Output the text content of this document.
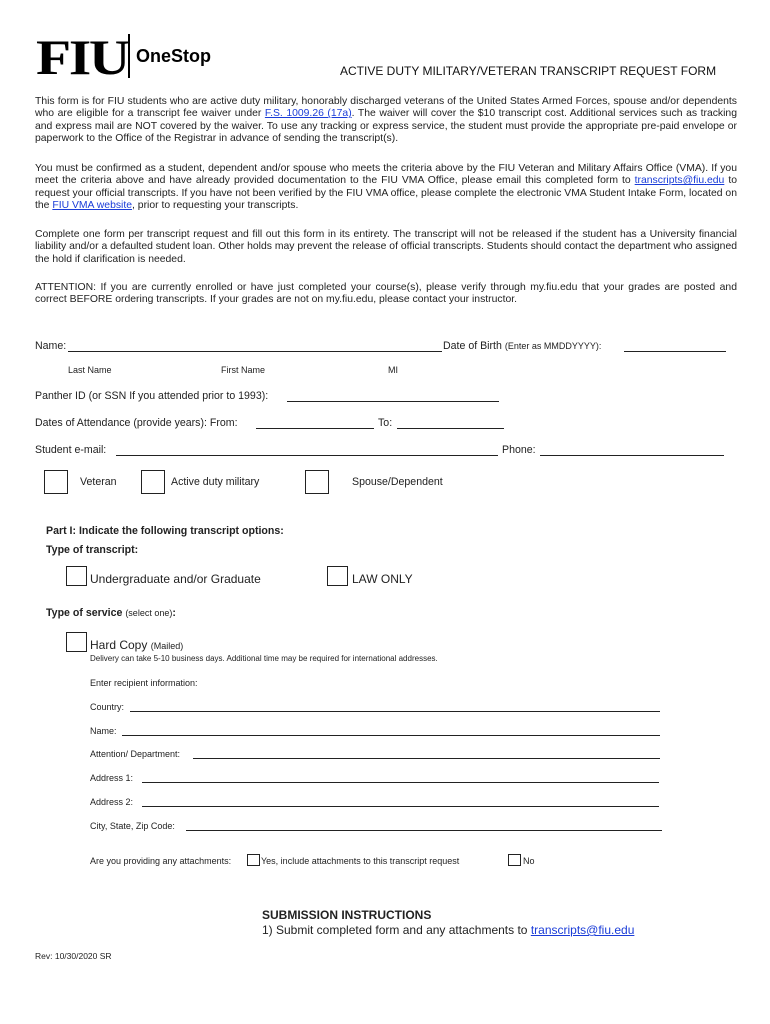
FIU OneStop
ACTIVE DUTY MILITARY/VETERAN TRANSCRIPT REQUEST FORM
This form is for FIU students who are active duty military, honorably discharged veterans of the United States Armed Forces, spouse and/or dependents who are eligible for a transcript fee waiver under F.S. 1009.26 (17a). The waiver will cover the $10 transcript cost. Additional services such as tracking and express mail are NOT covered by the waiver. To use any tracking or express service, the student must provide the appropriate pre-paid envelope or paperwork to the Office of the Registrar in advance of sending the transcript(s).
You must be confirmed as a student, dependent and/or spouse who meets the criteria above by the FIU Veteran and Military Affairs Office (VMA). If you meet the criteria above and have already provided documentation to the FIU VMA Office, please email this completed form to transcripts@fiu.edu to request your official transcripts. If you have not been verified by the FIU VMA office, please complete the electronic VMA Student Intake Form, located on the FIU VMA website, prior to requesting your transcripts.
Complete one form per transcript request and fill out this form in its entirety. The transcript will not be released if the student has a University financial liability and/or a defaulted student loan. Other holds may prevent the release of official transcripts. Students should contact the department who assigned the hold if clarification is needed.
ATTENTION: If you are currently enrolled or have just completed your course(s), please verify through my.fiu.edu that your grades are posted and correct BEFORE ordering transcripts. If your grades are not on my.fiu.edu, please contact your instructor.
Name:	Date of Birth (Enter as MMDDYYYY):
Last Name	First Name	MI
Panther ID (or SSN If you attended prior to 1993):
Dates of Attendance (provide years): From:	To:
Student e-mail:	Phone:
Veteran	Active duty military	Spouse/Dependent
Part I: Indicate the following transcript options:
Type of transcript:
Undergraduate and/or Graduate	LAW ONLY
Type of service (select one):
Hard Copy (Mailed)
Delivery can take 5-10 business days. Additional time may be required for international addresses.
Enter recipient information:
Country:
Name:
Attention/ Department:
Address 1:
Address 2:
City, State, Zip Code:
Are you providing any attachments:	Yes, include attachments to this transcript request	No
SUBMISSION INSTRUCTIONS
1) Submit completed form and any attachments to transcripts@fiu.edu
Rev: 10/30/2020 SR
